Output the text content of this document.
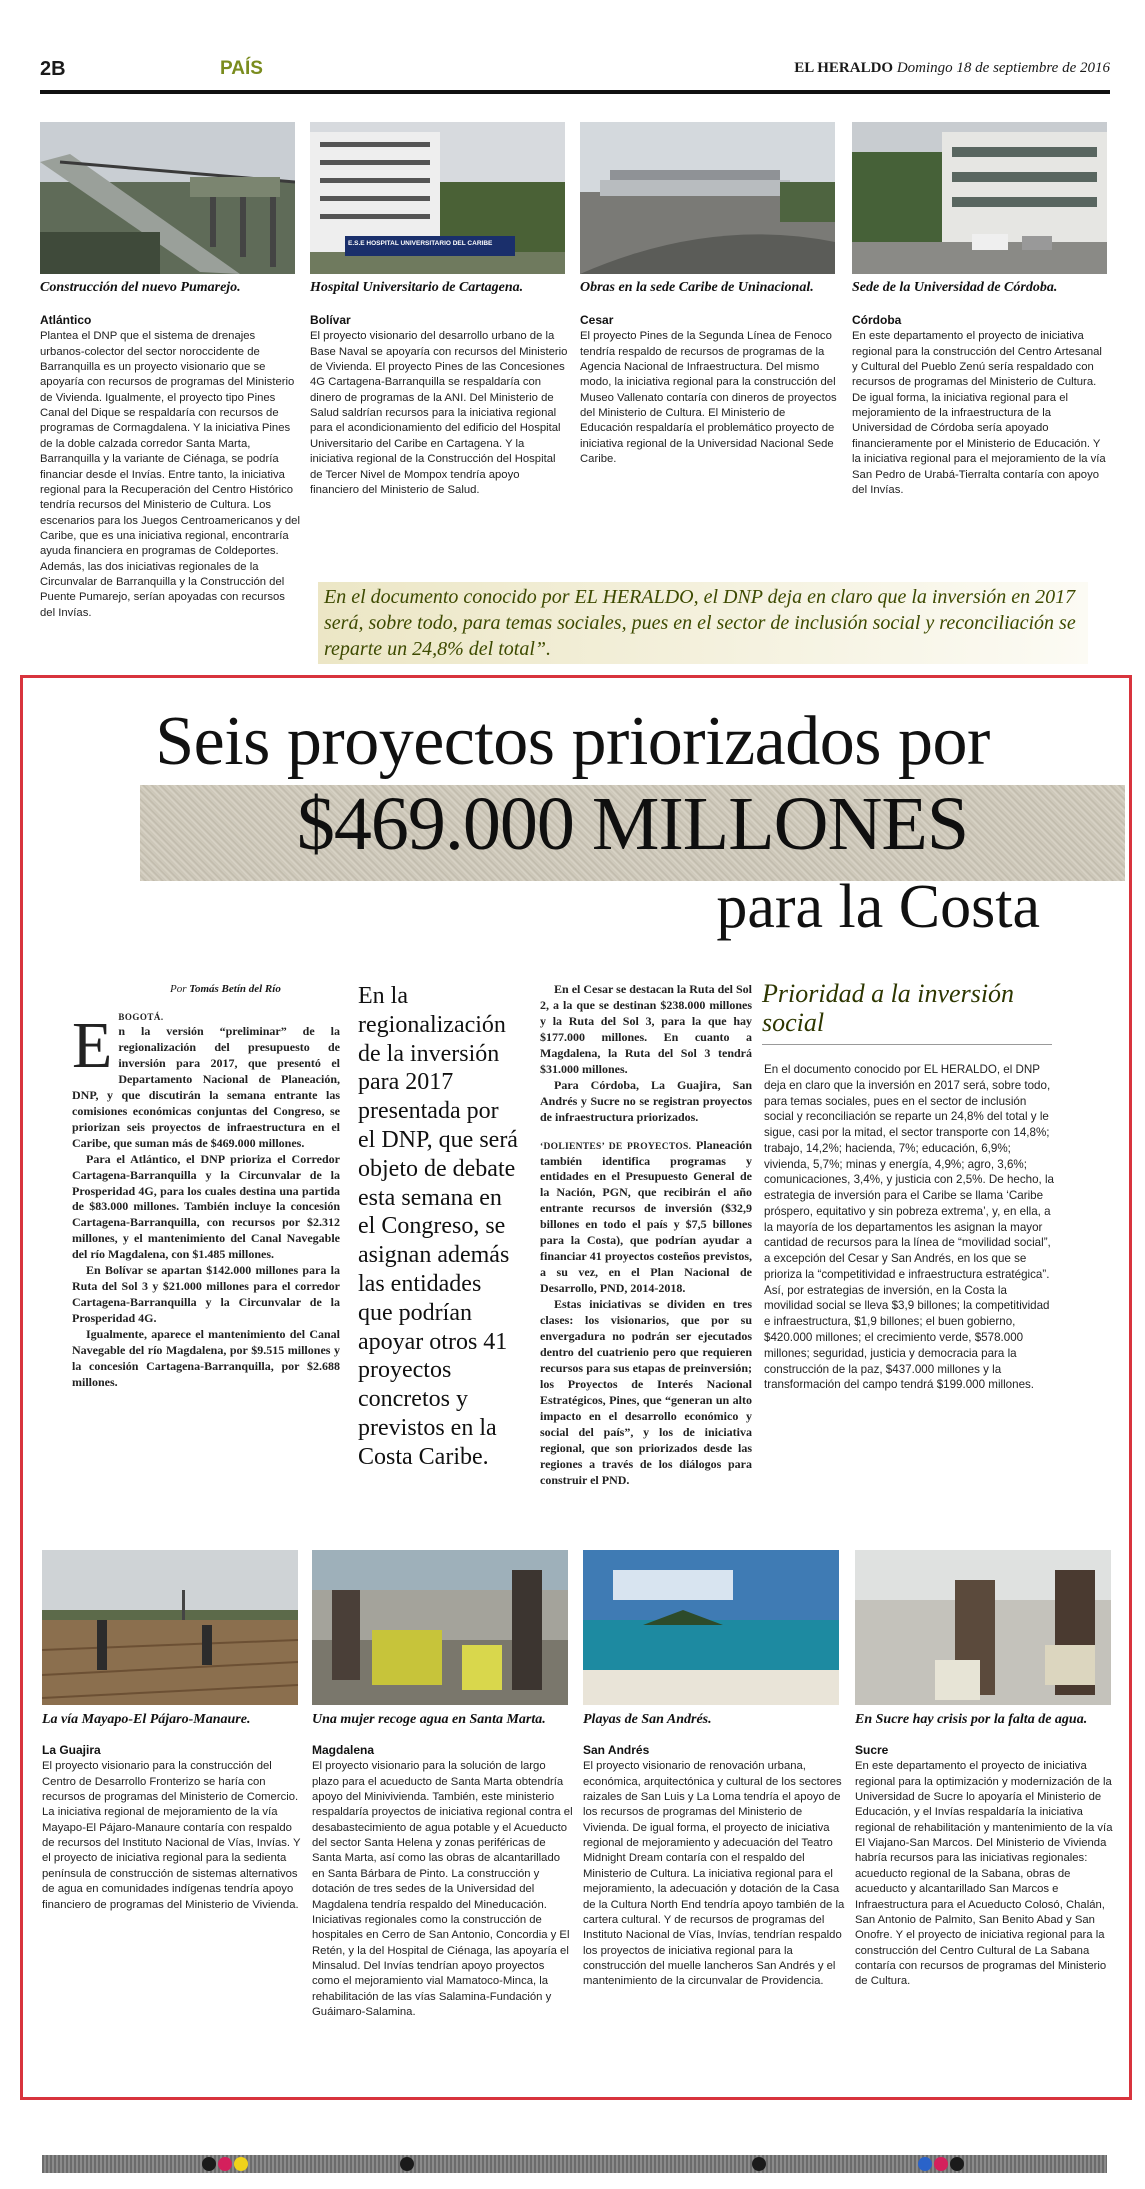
2B	PAÍS	EL HERALDO Domingo 18 de septiembre de 2016
E.S.E HOSPITAL UNIVERSITARIO DEL CARIBE
Construcción del nuevo Pumarejo.	Hospital Universitario de Cartagena.	Obras en la sede Caribe de Uninacional.	Sede de la Universidad de Córdoba.
Atlántico

Plantea el DNP que el sistema de drenajes urbanos-colector del sector noroccidente de Barranquilla es un proyecto visionario que se apoyaría con recursos de programas del Ministerio de Vivienda. Igualmente, el proyecto tipo Pines Canal del Dique se respaldaría con recursos de programas de Cormagdalena. Y la iniciativa Pines de la doble calzada corredor Santa Marta, Barranquilla y la variante de Ciénaga, se podría financiar desde el Invías. Entre tanto, la iniciativa regional para la Recuperación del Centro Histórico tendría recursos del Ministerio de Cultura. Los escenarios para los Juegos Centroamericanos y del Caribe, que es una iniciativa regional, encontraría ayuda financiera en programas de Coldeportes. Además, las dos iniciativas regionales de la Circunvalar de Barranquilla y la Construcción del Puente Pumarejo, serían apoyadas con recursos del Invías.

Bolívar

El proyecto visionario del desarrollo urbano de la Base Naval se apoyaría con recursos del Ministerio de Vivienda. El proyecto Pines de las Concesiones 4G Cartagena-Barranquilla se respaldaría con dinero de programas de la ANI. Del Ministerio de Salud saldrían recursos para la iniciativa regional para el acondicionamiento del edificio del Hospital Universitario del Caribe en Cartagena. Y la iniciativa regional de la Construcción del Hospital de Tercer Nivel de Mompox tendría apoyo financiero del Ministerio de Salud.

Cesar

El proyecto Pines de la Segunda Línea de Fenoco tendría respaldo de recursos de programas de la Agencia Nacional de Infraestructura. Del mismo modo, la iniciativa regional para la construcción del Museo Vallenato contaría con dineros de proyectos del Ministerio de Cultura. El Ministerio de Educación respaldaría el problemático proyecto de iniciativa regional de la Universidad Nacional Sede Caribe.

Córdoba

En este departamento el proyecto de iniciativa regional para la construcción del Centro Artesanal y Cultural del Pueblo Zenú sería respaldado con recursos de programas del Ministerio de Cultura. De igual forma, la iniciativa regional para el mejoramiento de la infraestructura de la Universidad de Córdoba sería apoyado financieramente por el Ministerio de Educación. Y la iniciativa regional para el mejoramiento de la vía San Pedro de Urabá-Tierralta contaría con apoyo del Invías.

En el documento conocido por EL HERALDO, el DNP deja en claro que la inversión en 2017 será, sobre todo, para temas sociales, pues en el sector de inclusión social y reconciliación se reparte un 24,8% del total”.
Seis proyectos priorizados por
$469.000 MILLONES
para la Costa
Por Tomás Betín del Río
E BOGOTÁ.

n la versión “preliminar” de la regionalización del presupuesto de inversión para 2017, que presentó el Departamento Nacional de Planeación, DNP, y que discutirán la semana entrante las comisiones económicas conjuntas del Congreso, se priorizan seis proyectos de infraestructura en el Caribe, que suman más de $469.000 millones.

Para el Atlántico, el DNP prioriza el Corredor Cartagena-Barranquilla y la Circunvalar de la Prosperidad 4G, para los cuales destina una partida de $83.000 millones. También incluye la concesión Cartagena-Barranquilla, con recursos por $2.312 millones, y el mantenimiento del Canal Navegable del río Magdalena, con $1.485 millones.

En Bolívar se apartan $142.000 millones para la Ruta del Sol 3 y $21.000 millones para el corredor Cartagena-Barranquilla y la Circunvalar de la Prosperidad 4G.

Igualmente, aparece el mantenimiento del Canal Navegable del río Magdalena, por $9.515 millones y la concesión Cartagena-Barranquilla, por $2.688 millones.

En la regionalización de la inversión para 2017 presentada por el DNP, que será objeto de debate esta semana en el Congreso, se asignan además las entidades que podrían apoyar otros 41 proyectos concretos y previstos en la Costa Caribe.

En el Cesar se destacan la Ruta del Sol 2, a la que se destinan $238.000 millones y la Ruta del Sol 3, para la que hay $177.000 millones. En cuanto a Magdalena, la Ruta del Sol 3 tendrá $31.000 millones.

Para Córdoba, La Guajira, San Andrés y Sucre no se registran proyectos de infraestructura priorizados.

‘DOLIENTES’ DE PROYECTOS. Planeación también identifica programas y entidades en el Presupuesto General de la Nación, PGN, que recibirán el año entrante recursos de inversión ($32,9 billones en todo el país y $7,5 billones para la Costa), que podrían ayudar a financiar 41 proyectos costeños previstos, a su vez, en el Plan Nacional de Desarrollo, PND, 2014-2018.

Estas iniciativas se dividen en tres clases: los visionarios, que por su envergadura no podrán ser ejecutados dentro del cuatrienio pero que requieren recursos para sus etapas de preinversión; los Proyectos de Interés Nacional Estratégicos, Pines, que “generan un alto impacto en el desarrollo económico y social del país”, y los de iniciativa regional, que son priorizados desde las regiones a través de los diálogos para construir el PND.

Prioridad a la inversión social
En el documento conocido por EL HERALDO, el DNP deja en claro que la inversión en 2017 será, sobre todo, para temas sociales, pues en el sector de inclusión social y reconciliación se reparte un 24,8% del total y le sigue, casi por la mitad, el sector transporte con 14,8%; trabajo, 14,2%; hacienda, 7%; educación, 6,9%; vivienda, 5,7%; minas y energía, 4,9%; agro, 3,6%; comunicaciones, 3,4%, y justicia con 2,5%. De hecho, la estrategia de inversión para el Caribe se llama ‘Caribe próspero, equitativo y sin pobreza extrema’, y, en ella, a la mayoría de los departamentos les asignan la mayor cantidad de recursos para la línea de “movilidad social”, a excepción del Cesar y San Andrés, en los que se prioriza la “competitividad e infraestructura estratégica”. Así, por estrategias de inversión, en la Costa la movilidad social se lleva $3,9 billones; la competitividad e infraestructura, $1,9 billones; el buen gobierno, $420.000 millones; el crecimiento verde, $578.000 millones; seguridad, justicia y democracia para la construcción de la paz, $437.000 millones y la transformación del campo tendrá $199.000 millones.
La vía Mayapo-El Pájaro-Manaure.	Una mujer recoge agua en Santa Marta.	Playas de San Andrés.	En Sucre hay crisis por la falta de agua.
La Guajira

El proyecto visionario para la construcción del Centro de Desarrollo Fronterizo se haría con recursos de programas del Ministerio de Comercio. La iniciativa regional de mejoramiento de la vía Mayapo-El Pájaro-Manaure contaría con respaldo de recursos del Instituto Nacional de Vías, Invías. Y el proyecto de iniciativa regional para la sedienta península de construcción de sistemas alternativos de agua en comunidades indígenas tendría apoyo financiero de programas del Ministerio de Vivienda.

Magdalena

El proyecto visionario para la solución de largo plazo para el acueducto de Santa Marta obtendría apoyo del Minivivienda. También, este ministerio respaldaría proyectos de iniciativa regional contra el desabastecimiento de agua potable y el Acueducto del sector Santa Helena y zonas periféricas de Santa Marta, así como las obras de alcantarillado en Santa Bárbara de Pinto. La construcción y dotación de tres sedes de la Universidad del Magdalena tendría respaldo del Mineducación. Iniciativas regionales como la construcción de hospitales en Cerro de San Antonio, Concordia y El Retén, y la del Hospital de Ciénaga, las apoyaría el Minsalud. Del Invías tendrían apoyo proyectos como el mejoramiento vial Mamatoco-Minca, la rehabilitación de las vías Salamina-Fundación y Guáimaro-Salamina.

San Andrés

El proyecto visionario de renovación urbana, económica, arquitectónica y cultural de los sectores raizales de San Luis y La Loma tendría el apoyo de los recursos de programas del Ministerio de Vivienda. De igual forma, el proyecto de iniciativa regional de mejoramiento y adecuación del Teatro Midnight Dream contaría con el respaldo del Ministerio de Cultura. La iniciativa regional para el mejoramiento, la adecuación y dotación de la Casa de la Cultura North End tendría apoyo también de la cartera cultural. Y de recursos de programas del Instituto Nacional de Vías, Invías, tendrían respaldo los proyectos de iniciativa regional para la construcción del muelle lancheros San Andrés y el mantenimiento de la circunvalar de Providencia.

Sucre

En este departamento el proyecto de iniciativa regional para la optimización y modernización de la Universidad de Sucre lo apoyaría el Ministerio de Educación, y el Invías respaldaría la iniciativa regional de rehabilitación y mantenimiento de la vía El Viajano-San Marcos. Del Ministerio de Vivienda habría recursos para las iniciativas regionales: acueducto regional de la Sabana, obras de acueducto y alcantarillado San Marcos e Infraestructura para el Acueducto Colosó, Chalán, San Antonio de Palmito, San Benito Abad y San Onofre. Y el proyecto de iniciativa regional para la construcción del Centro Cultural de La Sabana contaría con recursos de programas del Ministerio de Cultura.
